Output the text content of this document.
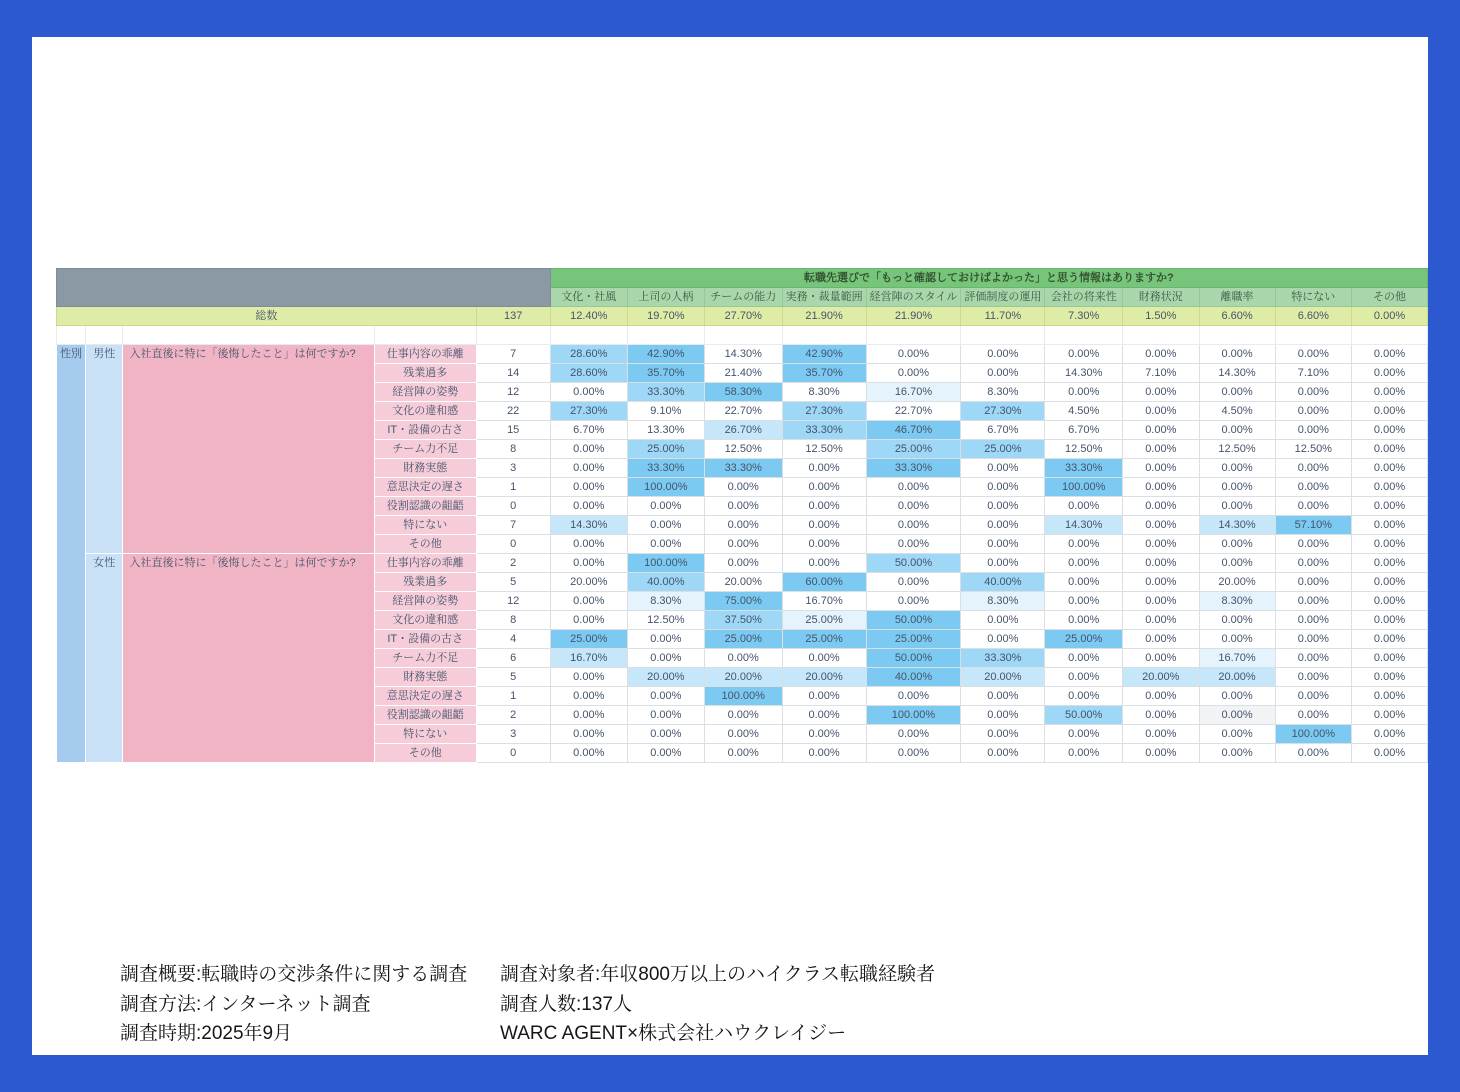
					転職先選びで「もっと確認しておけばよかった」と思う情報はありますか?										
					文化・社風	上司の人柄	チームの能力	実務・裁量範囲	経営陣のスタイル	評価制度の運用	会社の将来性	財務状況	離職率	特にない	その他
総数				137	12.40%	19.70%	27.70%	21.90%	21.90%	11.70%	7.30%	1.50%	6.60%	6.60%	0.00%

性別	男性	入社直後に特に「後悔したこと」は何ですか?	仕事内容の乖離	7	28.60%	42.90%	14.30%	42.90%	0.00%	0.00%	0.00%	0.00%	0.00%	0.00%	0.00%
			残業過多	14	28.60%	35.70%	21.40%	35.70%	0.00%	0.00%	14.30%	7.10%	14.30%	7.10%	0.00%
			経営陣の姿勢	12	0.00%	33.30%	58.30%	8.30%	16.70%	8.30%	0.00%	0.00%	0.00%	0.00%	0.00%
			文化の違和感	22	27.30%	9.10%	22.70%	27.30%	22.70%	27.30%	4.50%	0.00%	4.50%	0.00%	0.00%
			IT・設備の古さ	15	6.70%	13.30%	26.70%	33.30%	46.70%	6.70%	6.70%	0.00%	0.00%	0.00%	0.00%
			チーム力不足	8	0.00%	25.00%	12.50%	12.50%	25.00%	25.00%	12.50%	0.00%	12.50%	12.50%	0.00%
			財務実態	3	0.00%	33.30%	33.30%	0.00%	33.30%	0.00%	33.30%	0.00%	0.00%	0.00%	0.00%
			意思決定の遅さ	1	0.00%	100.00%	0.00%	0.00%	0.00%	0.00%	100.00%	0.00%	0.00%	0.00%	0.00%
			役割認識の齟齬	0	0.00%	0.00%	0.00%	0.00%	0.00%	0.00%	0.00%	0.00%	0.00%	0.00%	0.00%
			特にない	7	14.30%	0.00%	0.00%	0.00%	0.00%	0.00%	14.30%	0.00%	14.30%	57.10%	0.00%
			その他	0	0.00%	0.00%	0.00%	0.00%	0.00%	0.00%	0.00%	0.00%	0.00%	0.00%	0.00%
	女性	入社直後に特に「後悔したこと」は何ですか?	仕事内容の乖離	2	0.00%	100.00%	0.00%	0.00%	50.00%	0.00%	0.00%	0.00%	0.00%	0.00%	0.00%
			残業過多	5	20.00%	40.00%	20.00%	60.00%	0.00%	40.00%	0.00%	0.00%	20.00%	0.00%	0.00%
			経営陣の姿勢	12	0.00%	8.30%	75.00%	16.70%	0.00%	8.30%	0.00%	0.00%	8.30%	0.00%	0.00%
			文化の違和感	8	0.00%	12.50%	37.50%	25.00%	50.00%	0.00%	0.00%	0.00%	0.00%	0.00%	0.00%
			IT・設備の古さ	4	25.00%	0.00%	25.00%	25.00%	25.00%	0.00%	25.00%	0.00%	0.00%	0.00%	0.00%
			チーム力不足	6	16.70%	0.00%	0.00%	0.00%	50.00%	33.30%	0.00%	0.00%	16.70%	0.00%	0.00%
			財務実態	5	0.00%	20.00%	20.00%	20.00%	40.00%	20.00%	0.00%	20.00%	20.00%	0.00%	0.00%
			意思決定の遅さ	1	0.00%	0.00%	100.00%	0.00%	0.00%	0.00%	0.00%	0.00%	0.00%	0.00%	0.00%
			役割認識の齟齬	2	0.00%	0.00%	0.00%	0.00%	100.00%	0.00%	50.00%	0.00%	0.00%	0.00%	0.00%
			特にない	3	0.00%	0.00%	0.00%	0.00%	0.00%	0.00%	0.00%	0.00%	0.00%	100.00%	0.00%
			その他	0	0.00%	0.00%	0.00%	0.00%	0.00%	0.00%	0.00%	0.00%	0.00%	0.00%	0.00%
調査概要:転職時の交渉条件に関する調査
調査方法:インターネット調査
調査時期:2025年9月
調査対象者:年収800万以上のハイクラス転職経験者
調査人数:137人
WARC AGENT×株式会社ハウクレイジー
